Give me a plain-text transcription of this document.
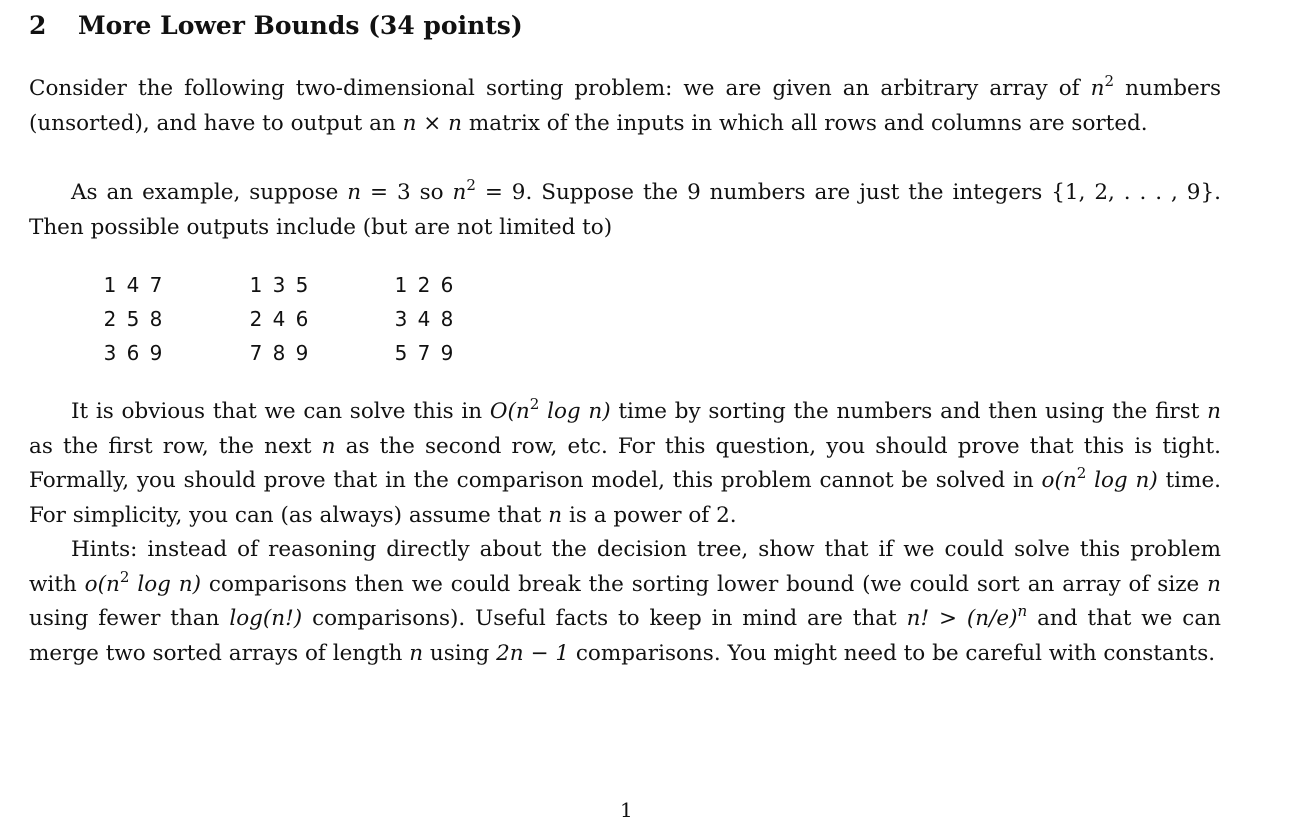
2 More Lower Bounds (34 points)

Consider the following two-dimensional sorting problem: we are given an arbitrary array of $n^2$ numbers (unsorted), and have to output an n × n matrix of the inputs in which all rows and columns are sorted.

As an example, suppose n = 3 so $n^2 = 9$. Suppose the 9 numbers are just the integers {1, 2, . . . , 9}. Then possible outputs include (but are not limited to)

1 4 7
2 5 8
3 6 9
1 3 5
2 4 6
7 8 9
1 2 6
3 4 8
5 7 9

It is obvious that we can solve this in $O(n^2$ log n) time by sorting the numbers and then using the first n as the first row, the next n as the second row, etc. For this question, you should prove that this is tight. Formally, you should prove that in the comparison model, this problem cannot be solved in $o(n^2$ log n) time. For simplicity, you can (as always) assume that n is a power of 2.

Hints: instead of reasoning directly about the decision tree, show that if we could solve this problem with $o(n^2$ log n) comparisons then we could break the sorting lower bound (we could sort an array of size n using fewer than log(n!) comparisons). Useful facts to keep in mind are that n! > $(n/e)^n$ and that we can merge two sorted arrays of length n using 2n − 1 comparisons. You might need to be careful with constants.

1
